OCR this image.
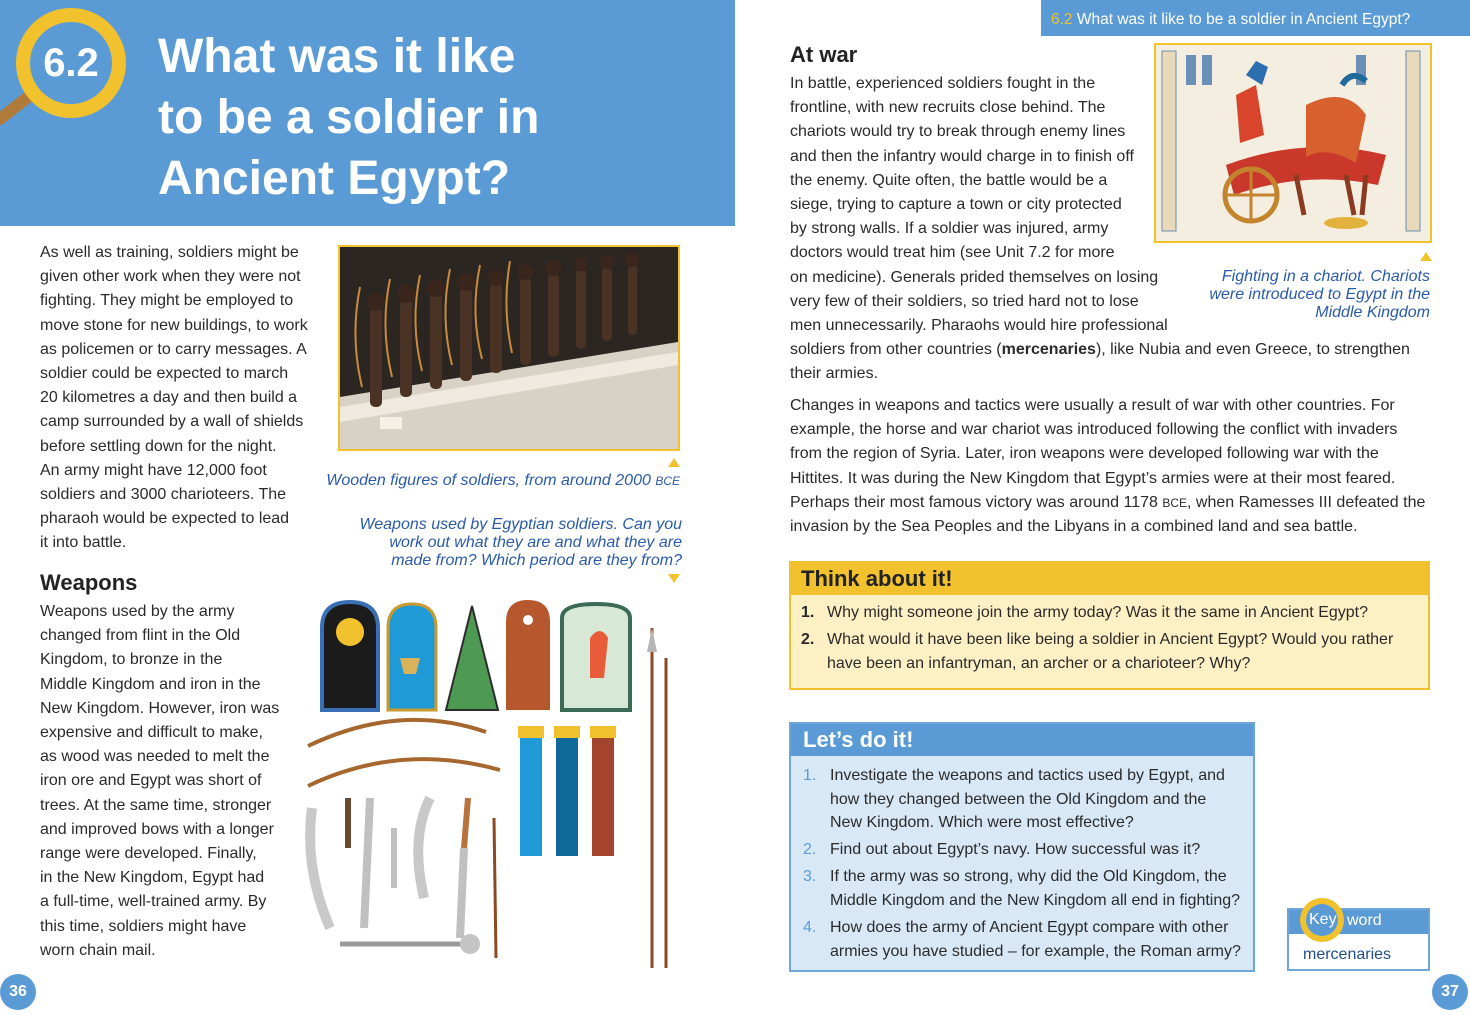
6.2 What was it like
to be a soldier in
Ancient Egypt?
As well as training, soldiers might be
given other work when they were not
fighting. They might be employed to
move stone for new buildings, to work
as policemen or to carry messages. A
soldier could be expected to march
20 kilometres a day and then build a
camp surrounded by a wall of shields
before settling down for the night.
An army might have 12,000 foot
soldiers and 3000 charioteers. The
pharaoh would be expected to lead
it into battle.
Wooden figures of soldiers, from around 2000 BCE
Weapons used by Egyptian soldiers. Can you
work out what they are and what they are
made from? Which period are they from?
Weapons
Weapons used by the army
changed from flint in the Old
Kingdom, to bronze in the
Middle Kingdom and iron in the
New Kingdom. However, iron was
expensive and difficult to make,
as wood was needed to melt the
iron ore and Egypt was short of
trees. At the same time, stronger
and improved bows with a longer
range were developed. Finally,
in the New Kingdom, Egypt had
a full-time, well-trained army. By
this time, soldiers might have
worn chain mail.
36
6.2 What was it like to be a soldier in Ancient Egypt?
At war
In battle, experienced soldiers fought in the
frontline, with new recruits close behind. The
chariots would try to break through enemy lines
and then the infantry would charge in to finish off
the enemy. Quite often, the battle would be a
siege, trying to capture a town or city protected
by strong walls. If a soldier was injured, army
doctors would treat him (see Unit 7.2 for more
on medicine). Generals prided themselves on losing
very few of their soldiers, so tried hard not to lose
men unnecessarily. Pharaohs would hire professional
soldiers from other countries (mercenaries), like Nubia and even Greece, to strengthen
their armies.
Fighting in a chariot. Chariots
were introduced to Egypt in the
Middle Kingdom
Changes in weapons and tactics were usually a result of war with other countries. For
example, the horse and war chariot was introduced following the conflict with invaders
from the region of Syria. Later, iron weapons were developed following war with the
Hittites. It was during the New Kingdom that Egypt’s armies were at their most feared.
Perhaps their most famous victory was around 1178 BCE, when Ramesses III defeated the
invasion by the Sea Peoples and the Libyans in a combined land and sea battle.
Think about it!
1. Why might someone join the army today? Was it the same in Ancient Egypt?
2. What would it have been like being a soldier in Ancient Egypt? Would you rather
have been an infantryman, an archer or a charioteer? Why?
Let’s do it!
1. Investigate the weapons and tactics used by Egypt, and
how they changed between the Old Kingdom and the
New Kingdom. Which were most effective?
2. Find out about Egypt’s navy. How successful was it?
3. If the army was so strong, why did the Old Kingdom, the
Middle Kingdom and the New Kingdom all end in fighting?
4. How does the army of Ancient Egypt compare with other
armies you have studied – for example, the Roman army?
word
mercenaries
Key
37
